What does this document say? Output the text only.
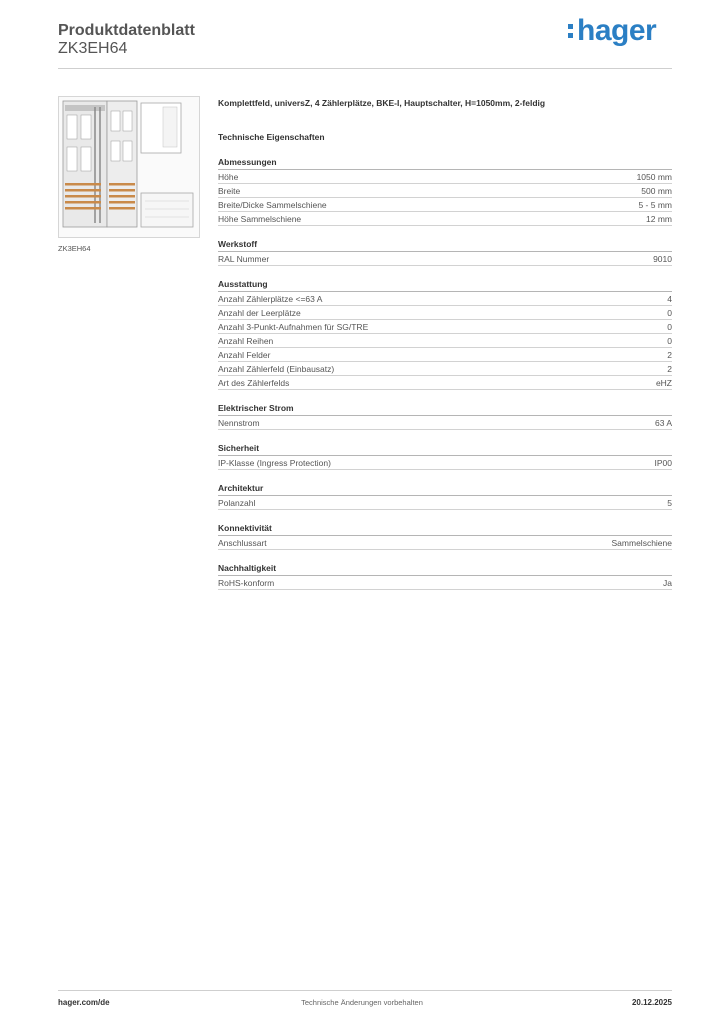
Produktdatenblatt
ZK3EH64
hager
ZK3EH64
Komplettfeld, universZ, 4 Zählerplätze, BKE-I, Hauptschalter, H=1050mm, 2-feldig
Technische Eigenschaften
Abmessungen
Höhe	1050 mm
Breite	500 mm
Breite/Dicke Sammelschiene	5 - 5 mm
Höhe Sammelschiene	12 mm
Werkstoff
RAL Nummer	9010
Ausstattung
Anzahl Zählerplätze <=63 A	4
Anzahl der Leerplätze	0
Anzahl 3-Punkt-Aufnahmen für SG/TRE	0
Anzahl Reihen	0
Anzahl Felder	2
Anzahl Zählerfeld (Einbausatz)	2
Art des Zählerfelds	eHZ
Elektrischer Strom
Nennstrom	63 A
Sicherheit
IP-Klasse (Ingress Protection)	IP00
Architektur
Polanzahl	5
Konnektivität
Anschlussart	Sammelschiene
Nachhaltigkeit
RoHS-konform	Ja
hager.com/de	Technische Änderungen vorbehalten	20.12.2025
